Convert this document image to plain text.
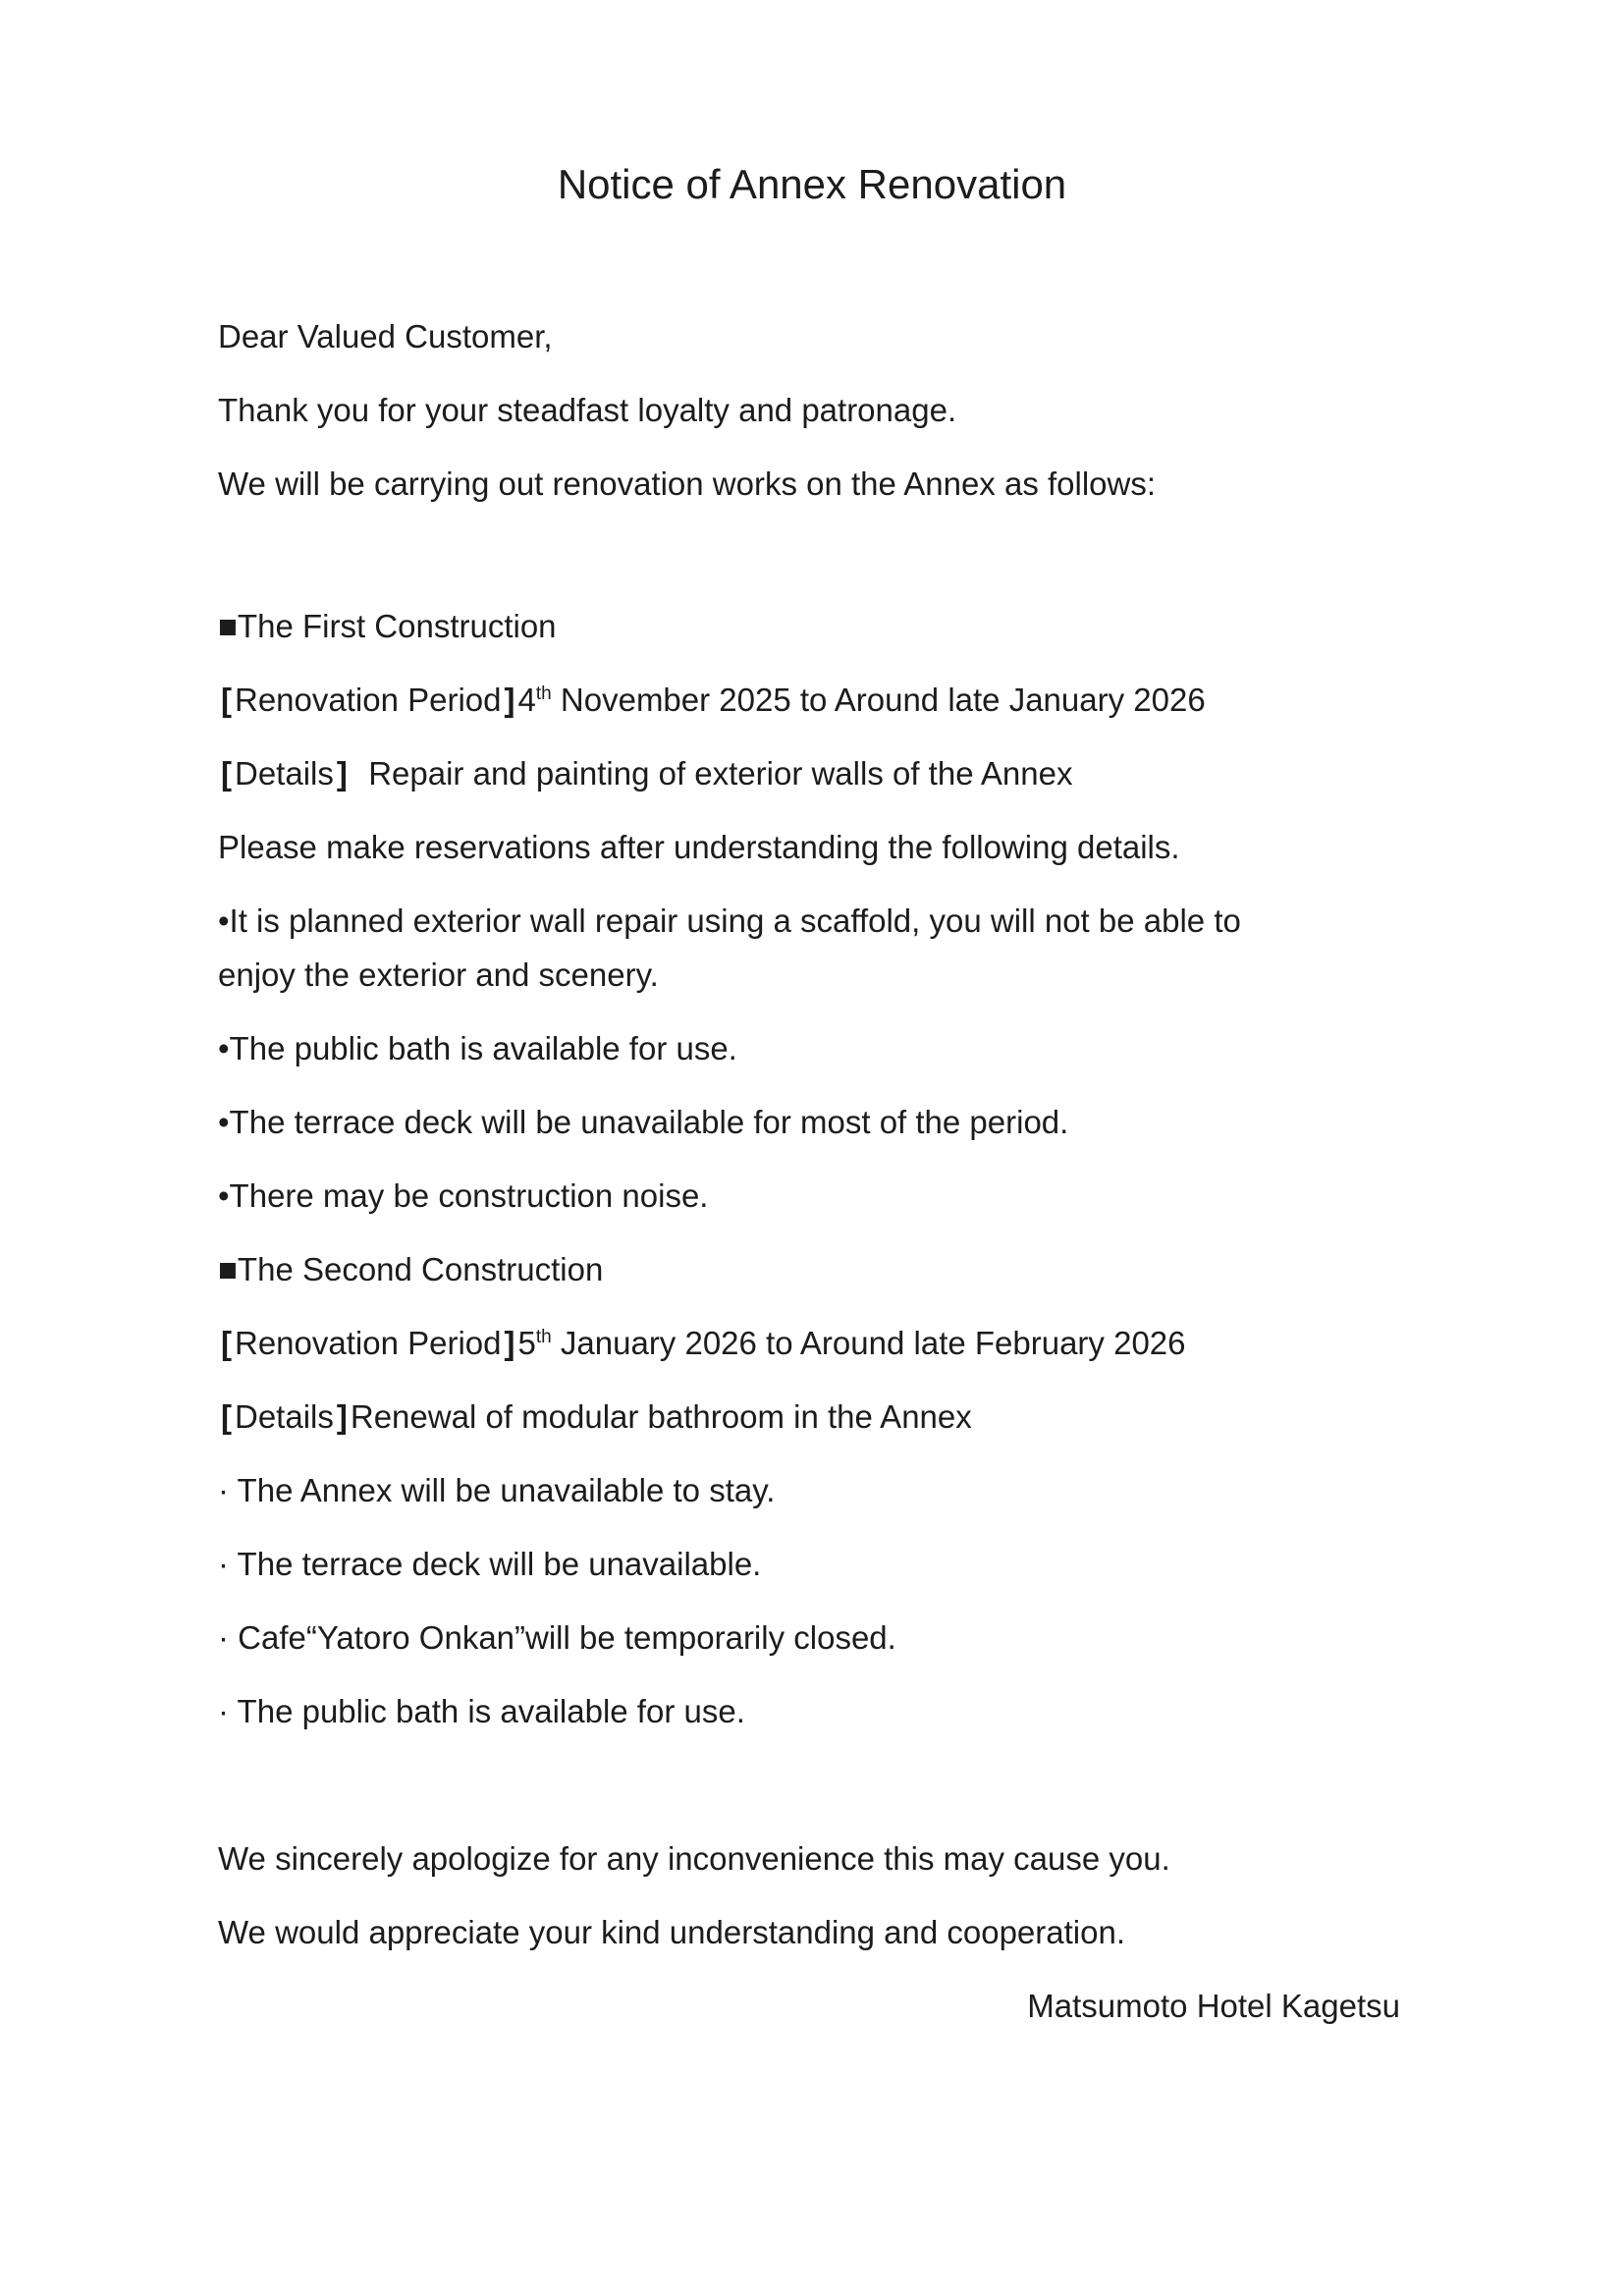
Notice of Annex Renovation

Dear Valued Customer,

Thank you for your steadfast loyalty and patronage.

We will be carrying out renovation works on the Annex as follows:

■The First Construction

[Renovation Period]4th November 2025 to Around late January 2026

[Details]  Repair and painting of exterior walls of the Annex

Please make reservations after understanding the following details.

•It is planned exterior wall repair using a scaffold, you will not be able to

enjoy the exterior and scenery.

•The public bath is available for use.

•The terrace deck will be unavailable for most of the period.

•There may be construction noise.

■The Second Construction

[Renovation Period]5th January 2026 to Around late February 2026

[Details]Renewal of modular bathroom in the Annex

· The Annex will be unavailable to stay.

· The terrace deck will be unavailable.

· Cafe“Yatoro Onkan”will be temporarily closed.

· The public bath is available for use.

We sincerely apologize for any inconvenience this may cause you.

We would appreciate your kind understanding and cooperation.

Matsumoto Hotel Kagetsu
